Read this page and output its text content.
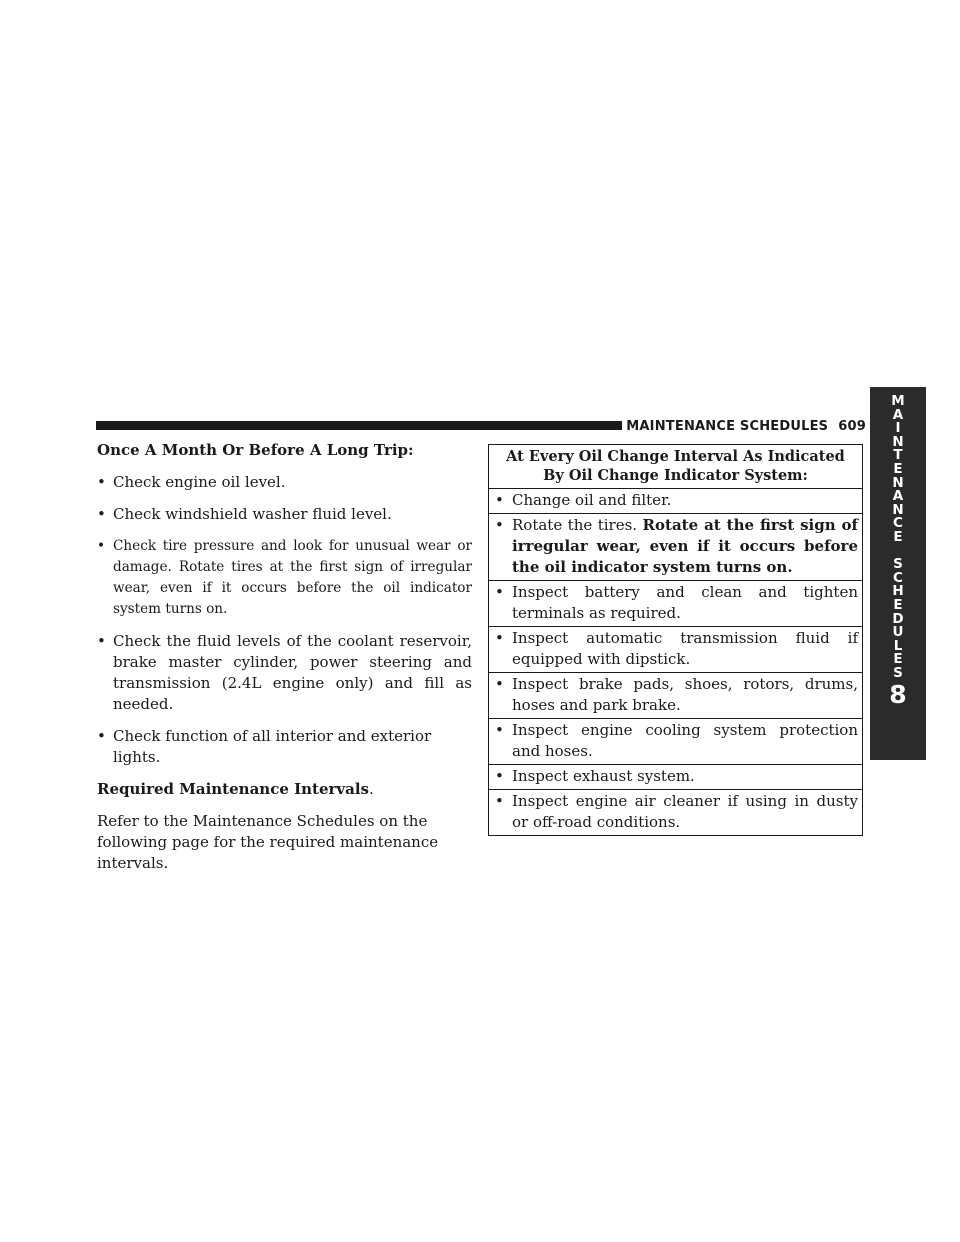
MAINTENANCE SCHEDULES 609
M
A
I
N
T
E
N
A
N
C
E
S
C
H
E
D
U
L
E
S
8
Once A Month Or Before A Long Trip:
• Check engine oil level.
• Check windshield washer fluid level.
• Check tire pressure and look for unusual wear or damage. Rotate tires at the first sign of irregular wear, even if it occurs before the oil indicator system turns on.
• Check the fluid levels of the coolant reservoir, brake master cylinder, power steering and transmission (2.4L engine only) and fill as needed.
• Check function of all interior and exterior lights.

Required Maintenance Intervals.

Refer to the Maintenance Schedules on the following page for the required maintenance intervals.

At Every Oil Change Interval As Indicated By Oil Change Indicator System:
• Change oil and filter.
• Rotate the tires. Rotate at the first sign of irregular wear, even if it occurs before the oil indicator system turns on.
• Inspect battery and clean and tighten terminals as required.
• Inspect automatic transmission fluid if equipped with dipstick.
• Inspect brake pads, shoes, rotors, drums, hoses and park brake.
• Inspect engine cooling system protection and hoses.
• Inspect exhaust system.
• Inspect engine air cleaner if using in dusty or off-road conditions.
